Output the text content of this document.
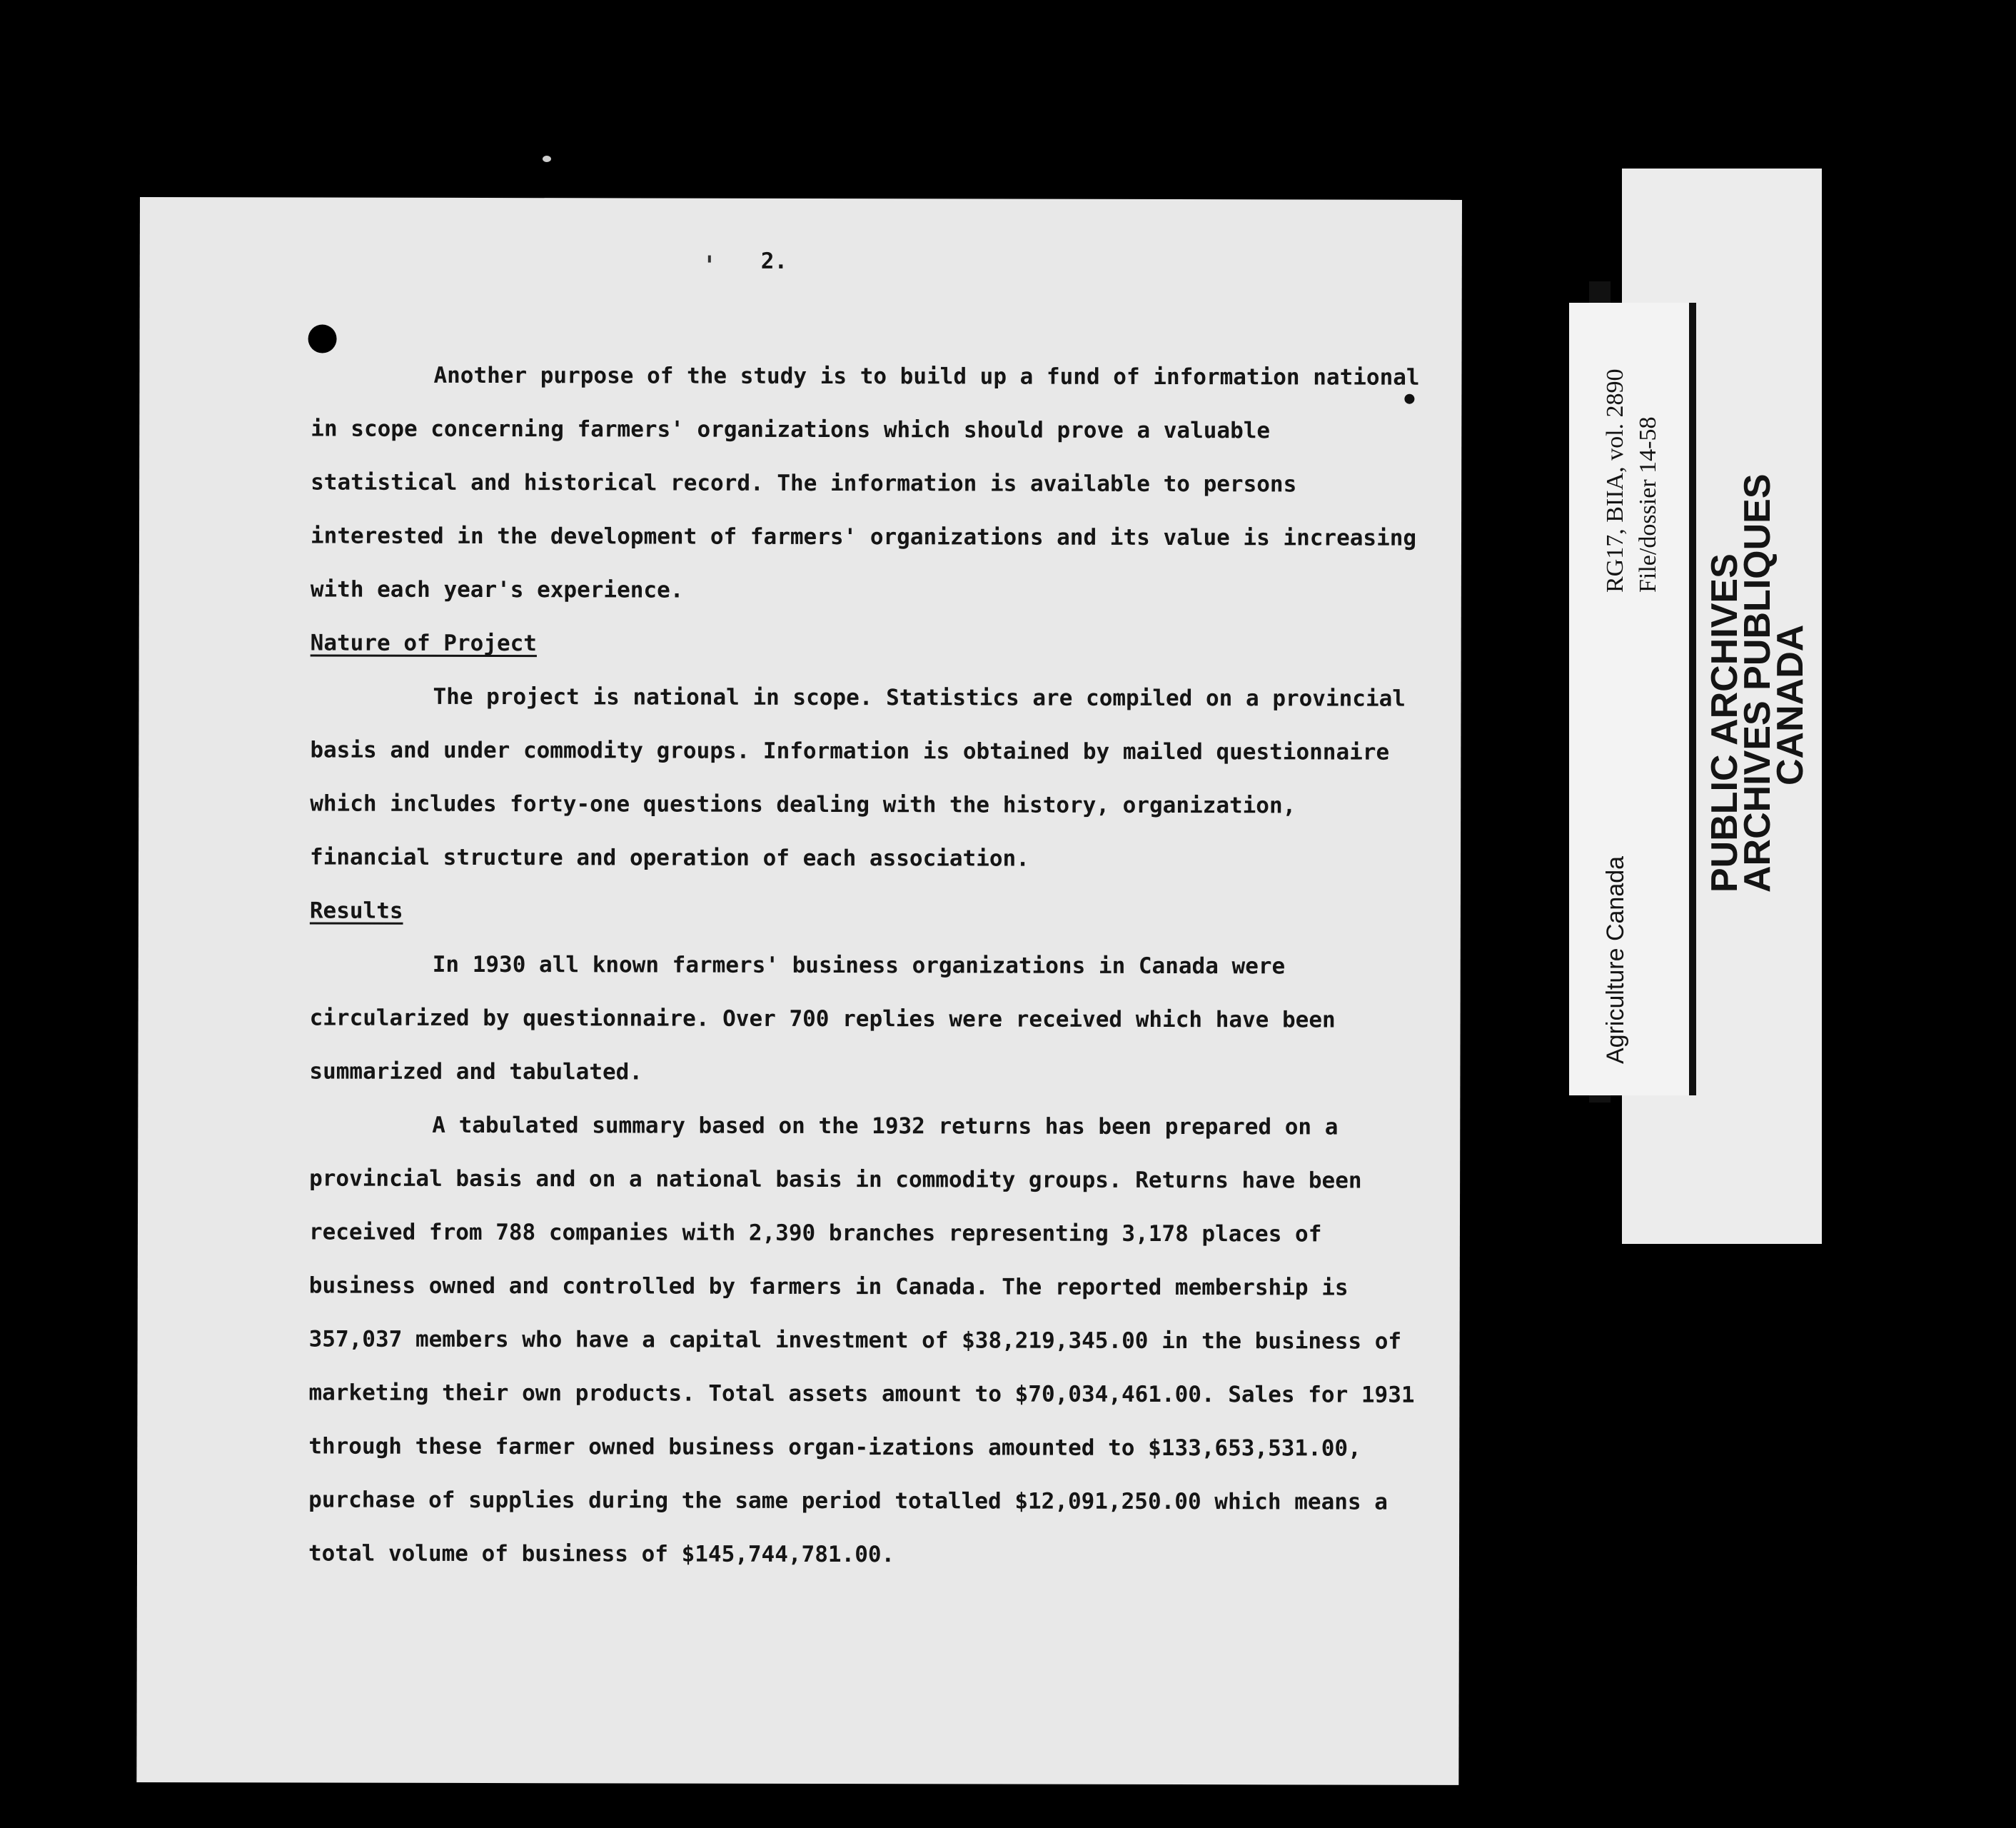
2.

Another purpose of the study is to build up a fund of information national in scope concerning farmers' organizations which should prove a valuable statistical and historical record. The information is available to persons interested in the development of farmers' organizations and its value is increasing with each year's experience.

Nature of Project

The project is national in scope. Statistics are compiled on a provincial basis and under commodity groups. Information is obtained by mailed questionnaire which includes forty-one questions dealing with the history, organization, financial structure and operation of each association.

Results

In 1930 all known farmers' business organizations in Canada were circularized by questionnaire. Over 700 replies were received which have been summarized and tabulated.

A tabulated summary based on the 1932 returns has been prepared on a provincial basis and on a national basis in commodity groups. Returns have been received from 788 companies with 2,390 branches representing 3,178 places of business owned and controlled by farmers in Canada. The reported membership is 357,037 members who have a capital investment of $38,219,345.00 in the business of marketing their own products. Total assets amount to $70,034,461.00. Sales for 1931 through these farmer owned business organ-izations amounted to $133,653,531.00, purchase of supplies during the same period totalled $12,091,250.00 which means a total volume of business of $145,744,781.00.

Agriculture Canada
RG17, BIIA, vol. 2890 File/dossier 14-58
PUBLIC ARCHIVES
ARCHIVES PUBLIQUES
CANADA
